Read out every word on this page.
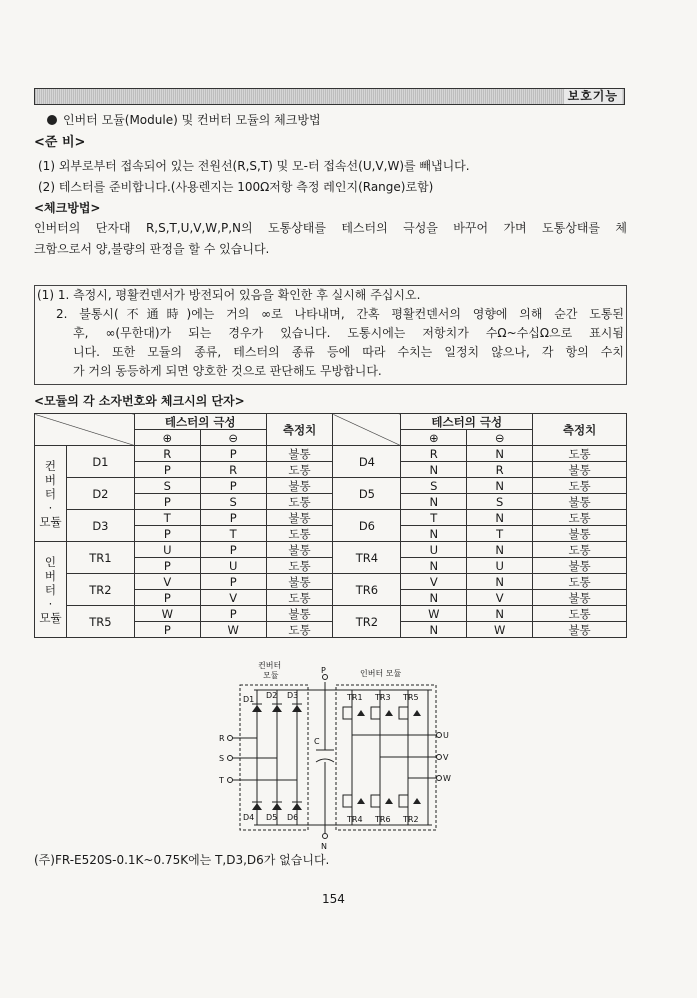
보호기능
인버터 모듈(Module) 및 컨버터 모듈의 체크방법
<준 비>
(1) 외부로부터 접속되어 있는 전원선(R,S,T) 및 모-터 접속선(U,V,W)를 빼냅니다.
(2) 테스터를 준비합니다.(사용렌지는 100Ω저항 측정 레인지(Range)로함)
<체크방법>
인버터의 단자대 R,S,T,U,V,W,P,N의 도통상태를 테스터의 극성을 바꾸어 가며 도통상태를 체
크함으로서 양,불량의 판정을 할 수 있습니다.
(1) 1. 측정시, 평활컨덴서가 방전되어 있음을 확인한 후 실시해 주십시오.
2. 불통시(不通時)에는 거의 ∞로 나타내며, 간혹 평활컨덴서의 영향에 의해 순간 도통된
후, ∞(무한대)가 되는 경우가 있습니다. 도통시에는 저항치가 수Ω~수십Ω으로 표시됨
니다. 또한 모듈의 종류, 테스터의 종류 등에 따라 수치는 일정치 않으나, 각 항의 수치
가 거의 동등하게 되면 양호한 것으로 판단해도 무방합니다.
<모듈의 각 소자번호와 체크시의 단자>
		테스터의 극성		측정치		테스터의 극성		측정치
		⊕	⊖			⊕	⊖	

컨
버
터
·
모듈	D1	R	P	불통	D4	R	N	도통
		P	R	도통		N	R	불통
	D2	S	P	불통	D5	S	N	도통
		P	S	도통		N	S	불통
	D3	T	P	불통	D6	T	N	도통
		P	T	도통		N	T	불통

인
버
터
·
모듈	TR1	U	P	불통	TR4	U	N	도통
		P	U	도통		N	U	불통
	TR2	V	P	불통	TR6	V	N	도통
		P	V	도통		N	V	불통
	TR5	W	P	불통	TR2	W	N	도통
		P	W	도통		N	W	불통
컨버터
모듈	인버터 모듈
P
N
C
R
S
T
U
V
W
D1 D2 D3
D4 D5 D6
TR1 TR3 TR5
TR4 TR6 TR2
(주)FR-E520S-0.1K~0.75K에는 T,D3,D6가 없습니다.
154
